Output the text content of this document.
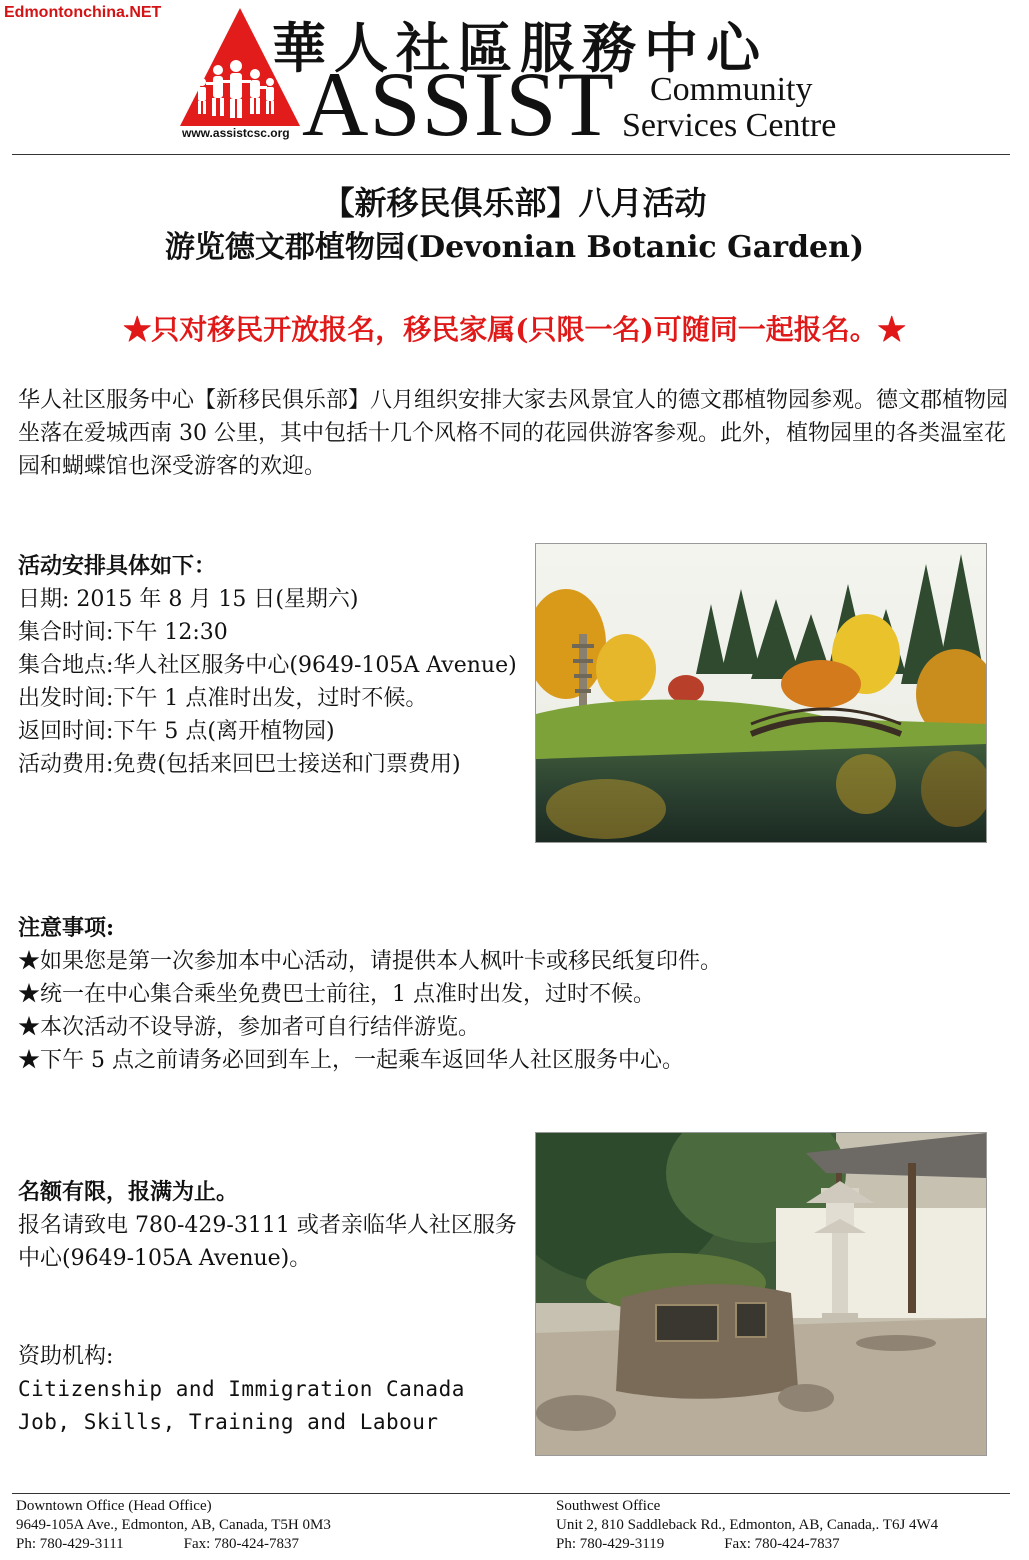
Edmontonchina.NET
華人社區服務中心
ASSIST	Community
Services Centre
www.assistcsc.org
【新移民俱乐部】八月活动
游览德文郡植物园(Devonian Botanic Garden)
★只对移民开放报名，移民家属(只限一名)可随同一起报名。★
华人社区服务中心【新移民俱乐部】八月组织安排大家去风景宜人的德文郡植物园参观。德文郡植物园坐落在爱城西南 30 公里，其中包括十几个风格不同的花园供游客参观。此外，植物园里的各类温室花园和蝴蝶馆也深受游客的欢迎。
活动安排具体如下：
日期: 2015 年 8 月 15 日(星期六)
集合时间:下午 12:30
集合地点:华人社区服务中心(9649-105A Avenue)
出发时间:下午 1 点准时出发，过时不候。
返回时间:下午 5 点(离开植物园)
活动费用:免费(包括来回巴士接送和门票费用)
注意事项:
★如果您是第一次参加本中心活动，请提供本人枫叶卡或移民纸复印件。
★统一在中心集合乘坐免费巴士前往，1 点准时出发，过时不候。
★本次活动不设导游，参加者可自行结伴游览。
★下午 5 点之前请务必回到车上，一起乘车返回华人社区服务中心。
名额有限，报满为止。
报名请致电 780-429-3111 或者亲临华人社区服务中心(9649-105A Avenue)。
资助机构:
Citizenship and Immigration Canada
Job, Skills, Training and Labour
Downtown Office (Head Office)
9649-105A Ave., Edmonton, AB, Canada, T5H 0M3
Ph: 780-429-3111	Fax: 780-424-7837
Southwest Office
Unit 2, 810 Saddleback Rd., Edmonton, AB, Canada,. T6J 4W4
Ph: 780-429-3119	Fax: 780-424-7837
